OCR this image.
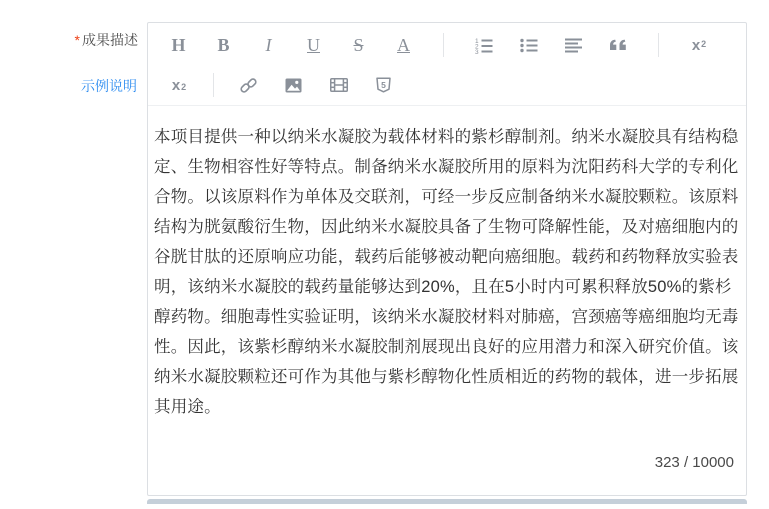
* 成果描述
示例说明
H B I U S A	1
2
3	$x^2$
$x_2$	5

本项目提供一种以纳米水凝胶为载体材料的紫杉醇制剂。纳米水凝胶具有结构稳定、生物相容性好等特点。制备纳米水凝胶所用的原料为沈阳药科大学的专利化合物。以该原料作为单体及交联剂，可经一步反应制备纳米水凝胶颗粒。该原料结构为胱氨酸衍生物，因此纳米水凝胶具备了生物可降解性能，及对癌细胞内的谷胱甘肽的还原响应功能，载药后能够被动靶向癌细胞。载药和药物释放实验表明，该纳米水凝胶的载药量能够达到20%，且在5小时内可累积释放50%的紫杉醇药物。细胞毒性实验证明，该纳米水凝胶材料对肺癌，宫颈癌等癌细胞均无毒性。因此，该紫杉醇纳米水凝胶制剂展现出良好的应用潜力和深入研究价值。该纳米水凝胶颗粒还可作为其他与紫杉醇物化性质相近的药物的载体，进一步拓展其用途。

323 / 10000
